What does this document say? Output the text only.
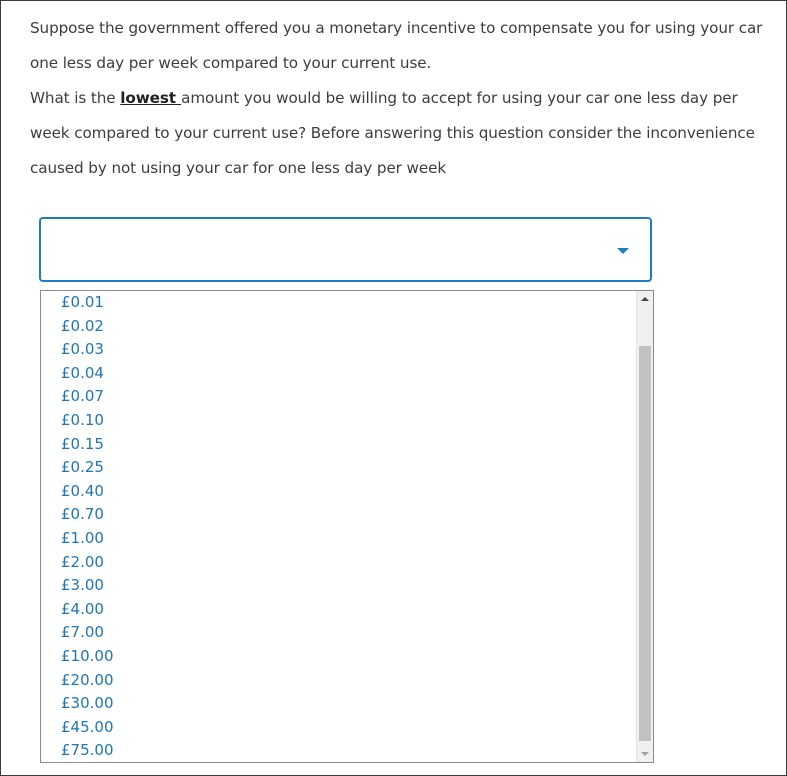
Suppose the government offered you a monetary incentive to compensate you for using your car one less day per week compared to your current use.

What is the lowest amount you would be willing to accept for using your car one less day per week compared to your current use? Before answering this question consider the inconvenience caused by not using your car for one less day per week

£0.01
£0.02
£0.03
£0.04
£0.07
£0.10
£0.15
£0.25
£0.40
£0.70
£1.00
£2.00
£3.00
£4.00
£7.00
£10.00
£20.00
£30.00
£45.00
£75.00
